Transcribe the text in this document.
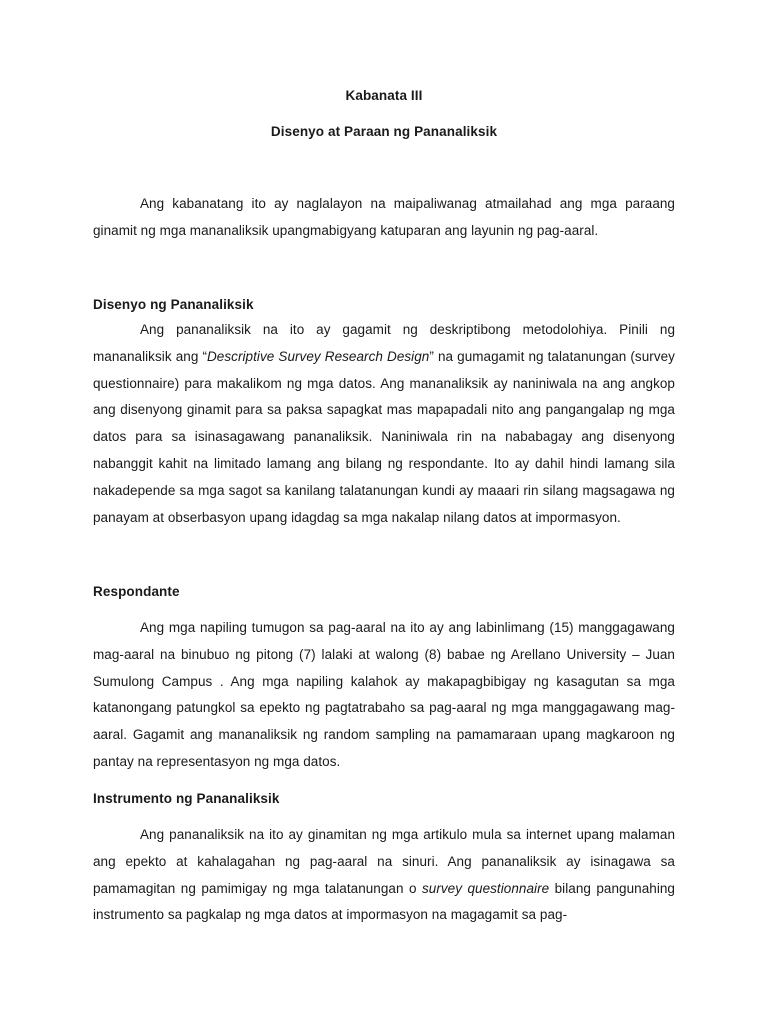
Kabanata III
Disenyo at Paraan ng Pananaliksik

Ang kabanatang ito ay naglalayon na maipaliwanag atmailahad ang mga paraang ginamit ng mga mananaliksik upangmabigyang katuparan ang layunin ng pag-aaral.

Disenyo ng Pananaliksik

Ang pananaliksik na ito ay gagamit ng deskriptibong metodolohiya. Pinili ng mananaliksik ang “Descriptive Survey Research Design” na gumagamit ng talatanungan (survey questionnaire) para makalikom ng mga datos. Ang mananaliksik ay naniniwala na ang angkop ang disenyong ginamit para sa paksa sapagkat mas mapapadali nito ang pangangalap ng mga datos para sa isinasagawang pananaliksik. Naniniwala rin na nababagay ang disenyong nabanggit kahit na limitado lamang ang bilang ng respondante. Ito ay dahil hindi lamang sila nakadepende sa mga sagot sa kanilang talatanungan kundi ay maaari rin silang magsagawa ng panayam at obserbasyon upang idagdag sa mga nakalap nilang datos at impormasyon.

Respondante

Ang mga napiling tumugon sa pag-aaral na ito ay ang labinlimang (15) manggagawang mag-aaral na binubuo ng pitong (7) lalaki at walong (8) babae ng Arellano University – Juan Sumulong Campus . Ang mga napiling kalahok ay makapagbibigay ng kasagutan sa mga katanongang patungkol sa epekto ng pagtatrabaho sa pag-aaral ng mga manggagawang mag-aaral. Gagamit ang mananaliksik ng random sampling na pamamaraan upang magkaroon ng pantay na representasyon ng mga datos.

Instrumento ng Pananaliksik

Ang pananaliksik na ito ay ginamitan ng mga artikulo mula sa internet upang malaman ang epekto at kahalagahan ng pag-aaral na sinuri. Ang pananaliksik ay isinagawa sa pamamagitan ng pamimigay ng mga talatanungan o survey questionnaire bilang pangunahing instrumento sa pagkalap ng mga datos at impormasyon na magagamit sa pag-
